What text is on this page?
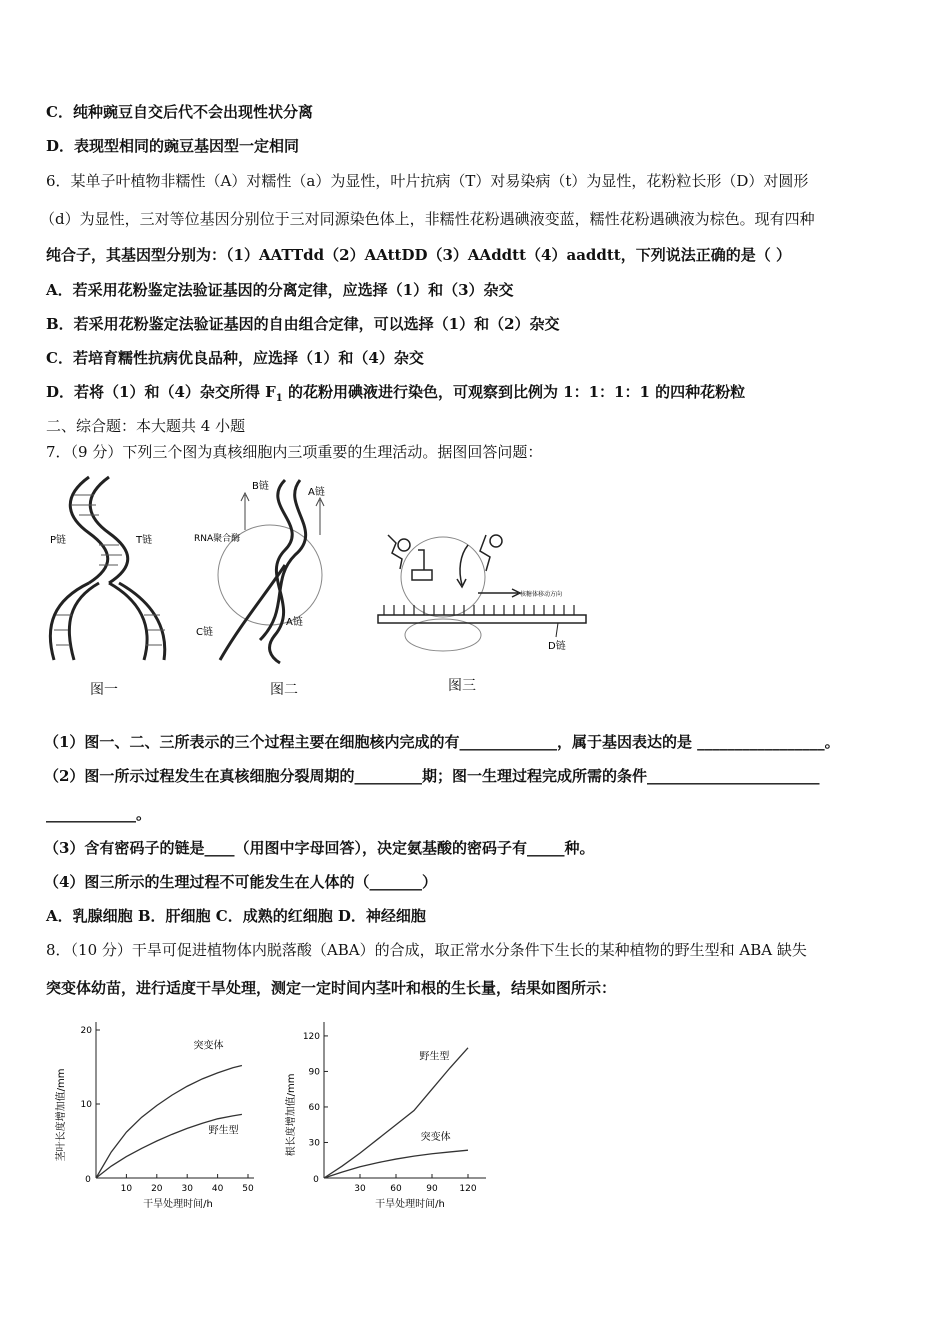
C．纯种豌豆自交后代不会出现性状分离
D．表现型相同的豌豆基因型一定相同
6．某单子叶植物非糯性（A）对糯性（a）为显性，叶片抗病（T）对易染病（t）为显性，花粉粒长形（D）对圆形
（d）为显性，三对等位基因分别位于三对同源染色体上，非糯性花粉遇碘液变蓝，糯性花粉遇碘液为棕色。现有四种
纯合子，其基因型分别为：（1）AATTdd（2）AAttDD（3）AAddtt（4）aaddtt，下列说法正确的是（ ）
A．若采用花粉鉴定法验证基因的分离定律，应选择（1）和（3）杂交
B．若采用花粉鉴定法验证基因的自由组合定律，可以选择（1）和（2）杂交
C．若培育糯性抗病优良品种，应选择（1）和（4）杂交
D．若将（1）和（4）杂交所得 $F_1$ 的花粉用碘液进行染色，可观察到比例为 1：1：1：1 的四种花粉粒
二、综合题：本大题共 4 小题
7．（9 分）下列三个图为真核细胞内三项重要的生理活动。据图回答问题：
P链	T链
图一
B链
A链
RNA聚合酶
C链
A链
图二
核糖体移动方向
D链
图三
（1）图一、二、三所表示的三个过程主要在细胞核内完成的有_____________，属于基因表达的是 _________________。
（2）图一所示过程发生在真核细胞分裂周期的_________期；图一生理过程完成所需的条件_______________________
____________。
（3）含有密码子的链是____（用图中字母回答），决定氨基酸的密码子有_____种。
（4）图三所示的生理过程不可能发生在人体的（_______）
A．乳腺细胞 B．肝细胞 C．成熟的红细胞 D．神经细胞
8．（10 分）干旱可促进植物体内脱落酸（ABA）的合成，取正常水分条件下生长的某种植物的野生型和 ABA 缺失
突变体幼苗，进行适度干旱处理，测定一定时间内茎叶和根的生长量，结果如图所示：
0
10 20 30 40 50
10
20
突变体
野生型
茎叶长度增加值/mm
干旱处理时间/h
0
30	60	90 120
30
60
90
120
野生型
突变体
根长度增加值/mm
干旱处理时间/h
